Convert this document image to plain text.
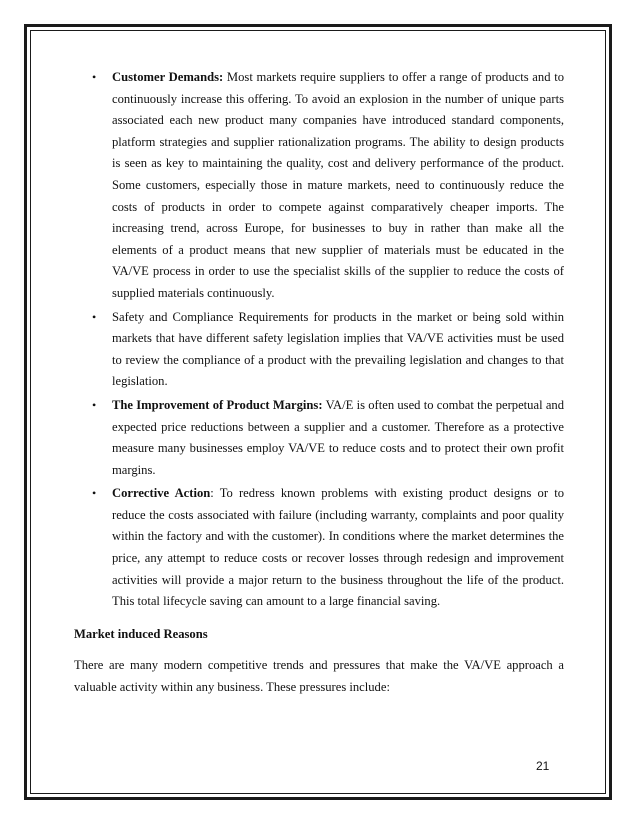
• Customer Demands: Most markets require suppliers to offer a range of products and to continuously increase this offering. To avoid an explosion in the number of unique parts associated each new product many companies have introduced standard components, platform strategies and supplier rationalization programs. The ability to design products is seen as key to maintaining the quality, cost and delivery performance of the product. Some customers, especially those in mature markets, need to continuously reduce the costs of products in order to compete against comparatively cheaper imports. The increasing trend, across Europe, for businesses to buy in rather than make all the elements of a product means that new supplier of materials must be educated in the VA/VE process in order to use the specialist skills of the supplier to reduce the costs of supplied materials continuously.
• Safety and Compliance Requirements for products in the market or being sold within markets that have different safety legislation implies that VA/VE activities must be used to review the compliance of a product with the prevailing legislation and changes to that legislation.
• The Improvement of Product Margins: VA/E is often used to combat the perpetual and expected price reductions between a supplier and a customer. Therefore as a protective measure many businesses employ VA/VE to reduce costs and to protect their own profit margins.
• Corrective Action: To redress known problems with existing product designs or to reduce the costs associated with failure (including warranty, complaints and poor quality within the factory and with the customer). In conditions where the market determines the price, any attempt to reduce costs or recover losses through redesign and improvement activities will provide a major return to the business throughout the life of the product. This total lifecycle saving can amount to a large financial saving.
Market induced Reasons

There are many modern competitive trends and pressures that make the VA/VE approach a valuable activity within any business. These pressures include:

21
